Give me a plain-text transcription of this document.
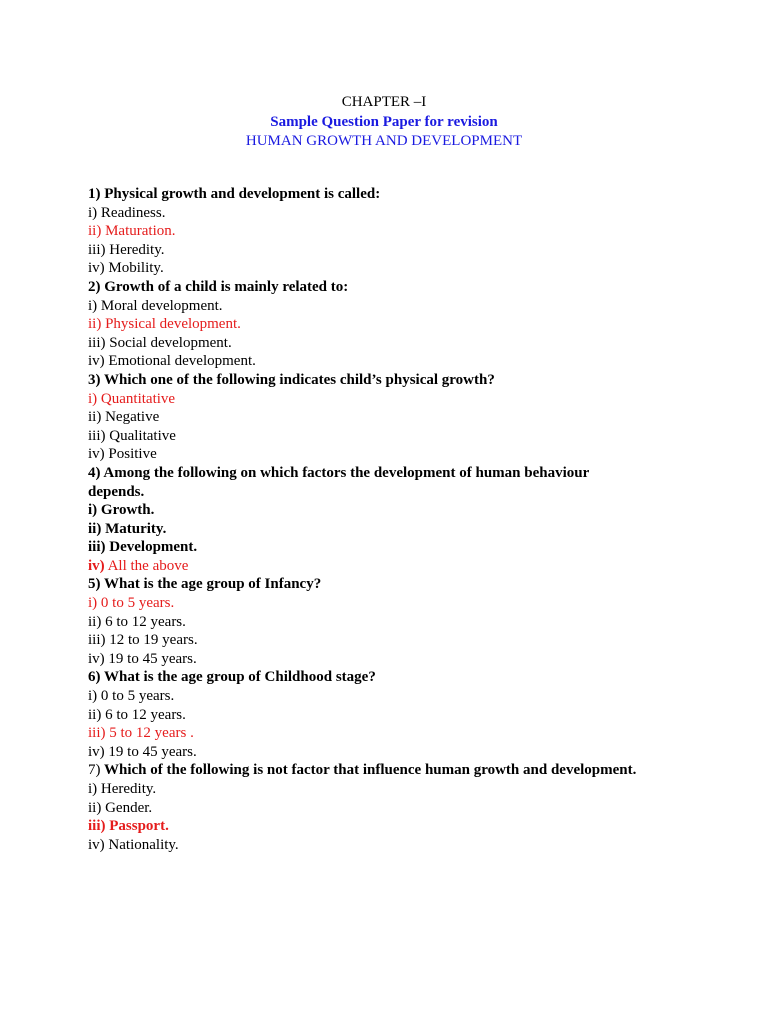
CHAPTER –I
Sample Question Paper for revision
HUMAN GROWTH AND DEVELOPMENT

1) Physical growth and development is called:

i) Readiness.

ii) Maturation.

iii) Heredity.

iv) Mobility.

2) Growth of a child is mainly related to:

i) Moral development.

ii) Physical development.

iii) Social development.

iv) Emotional development.

3) Which one of the following indicates child’s physical growth?

i) Quantitative

ii) Negative

iii) Qualitative

iv) Positive

4) Among the following on which factors the development of human behaviour

depends.

i) Growth.

ii) Maturity.

iii) Development.

iv) All the above

5) What is the age group of Infancy?

i) 0 to 5 years.

ii) 6 to 12 years.

iii) 12 to 19 years.

iv) 19 to 45 years.

6) What is the age group of Childhood stage?

i) 0 to 5 years.

ii) 6 to 12 years.

iii) 5 to 12 years .

iv) 19 to 45 years.

7) Which of the following is not factor that influence human growth and development.

i) Heredity.

ii) Gender.

iii) Passport.

iv) Nationality.
